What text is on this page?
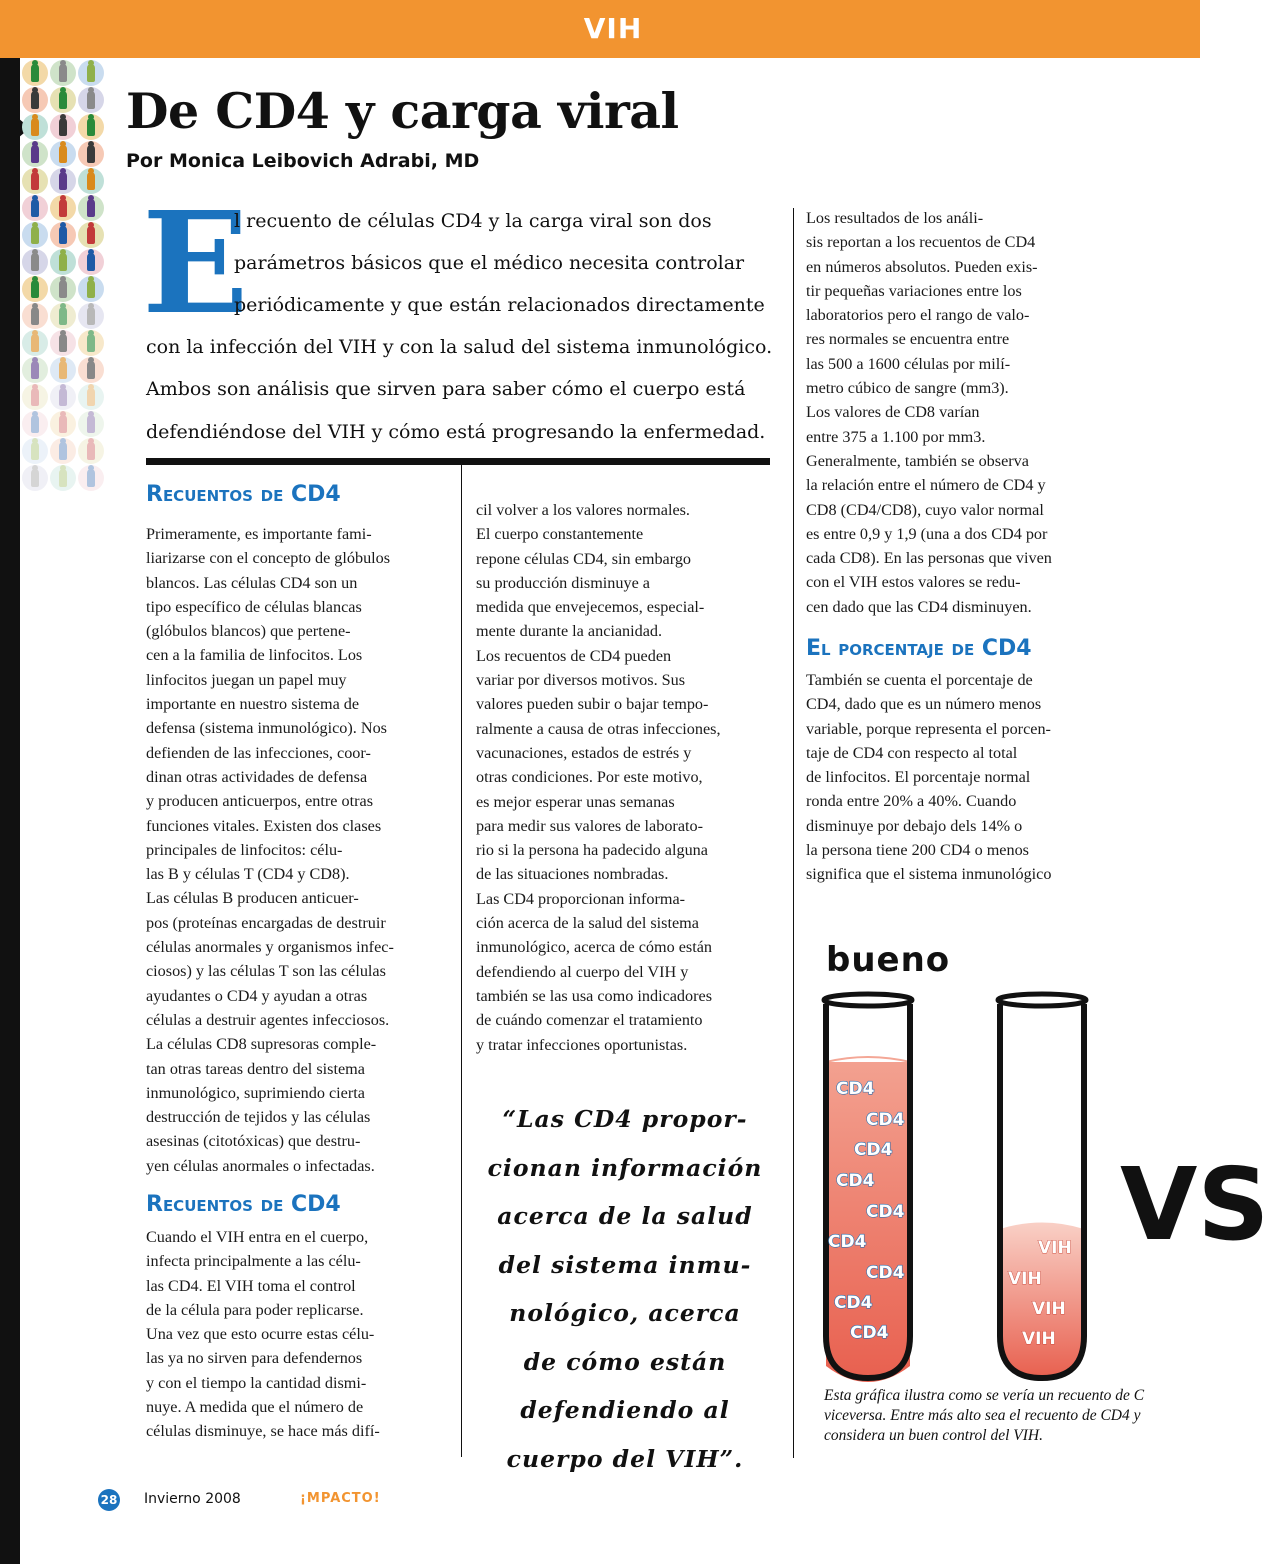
VIH
De CD4 y carga viral
Por Monica Leibovich Adrabi, MD
E
l recuento de células CD4 y la carga viral son dos
parámetros básicos que el médico necesita controlar
periódicamente y que están relacionados directamente
con la infección del VIH y con la salud del sistema inmunológico.
Ambos son análisis que sirven para saber cómo el cuerpo está
defendiéndose del VIH y cómo está progresando la enfermedad.
Recuentos de CD4
Primeramente, es importante fami-
liarizarse con el concepto de glóbulos
blancos. Las células CD4 son un
tipo específico de células blancas
(glóbulos blancos) que pertene-
cen a la familia de linfocitos. Los
linfocitos juegan un papel muy
importante en nuestro sistema de
defensa (sistema inmunológico). Nos
defienden de las infecciones, coor-
dinan otras actividades de defensa
y producen anticuerpos, entre otras
funciones vitales. Existen dos clases
principales de linfocitos: célu-
las B y células T (CD4 y CD8).
Las células B producen anticuer-
pos (proteínas encargadas de destruir
células anormales y organismos infec-
ciosos) y las células T son las células
ayudantes o CD4 y ayudan a otras
células a destruir agentes infecciosos.
La células CD8 supresoras comple-
tan otras tareas dentro del sistema
inmunológico, suprimiendo cierta
destrucción de tejidos y las células
asesinas (citotóxicas) que destru-
yen células anormales o infectadas.
Recuentos de CD4
Cuando el VIH entra en el cuerpo,
infecta principalmente a las célu-
las CD4. El VIH toma el control
de la célula para poder replicarse.
Una vez que esto ocurre estas célu-
las ya no sirven para defendernos
y con el tiempo la cantidad dismi-
nuye. A medida que el número de
células disminuye, se hace más difí-
cil volver a los valores normales.
El cuerpo constantemente
repone células CD4, sin embargo
su producción disminuye a
medida que envejecemos, especial-
mente durante la ancianidad.
Los recuentos de CD4 pueden
variar por diversos motivos. Sus
valores pueden subir o bajar tempo-
ralmente a causa de otras infecciones,
vacunaciones, estados de estrés y
otras condiciones. Por este motivo,
es mejor esperar unas semanas
para medir sus valores de laborato-
rio si la persona ha padecido alguna
de las situaciones nombradas.
Las CD4 proporcionan informa-
ción acerca de la salud del sistema
inmunológico, acerca de cómo están
defendiendo al cuerpo del VIH y
también se las usa como indicadores
de cuándo comenzar el tratamiento
y tratar infecciones oportunistas.
“Las CD4 propor-
cionan información
acerca de la salud
del sistema inmu-
nológico, acerca
de cómo están
defendiendo al
cuerpo del VIH”.
Los resultados de los análi-
sis reportan a los recuentos de CD4
en números absolutos. Pueden exis-
tir pequeñas variaciones entre los
laboratorios pero el rango de valo-
res normales se encuentra entre
las 500 a 1600 células por milí-
metro cúbico de sangre (mm3).
Los valores de CD8 varían
entre 375 a 1.100 por mm3.
Generalmente, también se observa
la relación entre el número de CD4 y
CD8 (CD4/CD8), cuyo valor normal
es entre 0,9 y 1,9 (una a dos CD4 por
cada CD8). En las personas que viven
con el VIH estos valores se redu-
cen dado que las CD4 disminuyen.
El porcentaje de CD4
También se cuenta el porcentaje de
CD4, dado que es un número menos
variable, porque representa el porcen-
taje de CD4 con respecto al total
de linfocitos. El porcentaje normal
ronda entre 20% a 40%. Cuando
disminuye por debajo dels 14% o
la persona tiene 200 CD4 o menos
significa que el sistema inmunológico
bueno
VS
CD4
CD4
CD4
CD4
CD4
CD4
CD4
CD4
CD4
VIH
VIH
VIH
VIH
Esta gráfica ilustra como se vería un recuento de C
viceversa. Entre más alto sea el recuento de CD4 y
considera un buen control del VIH.
28 Invierno 2008	¡MPACTO!
